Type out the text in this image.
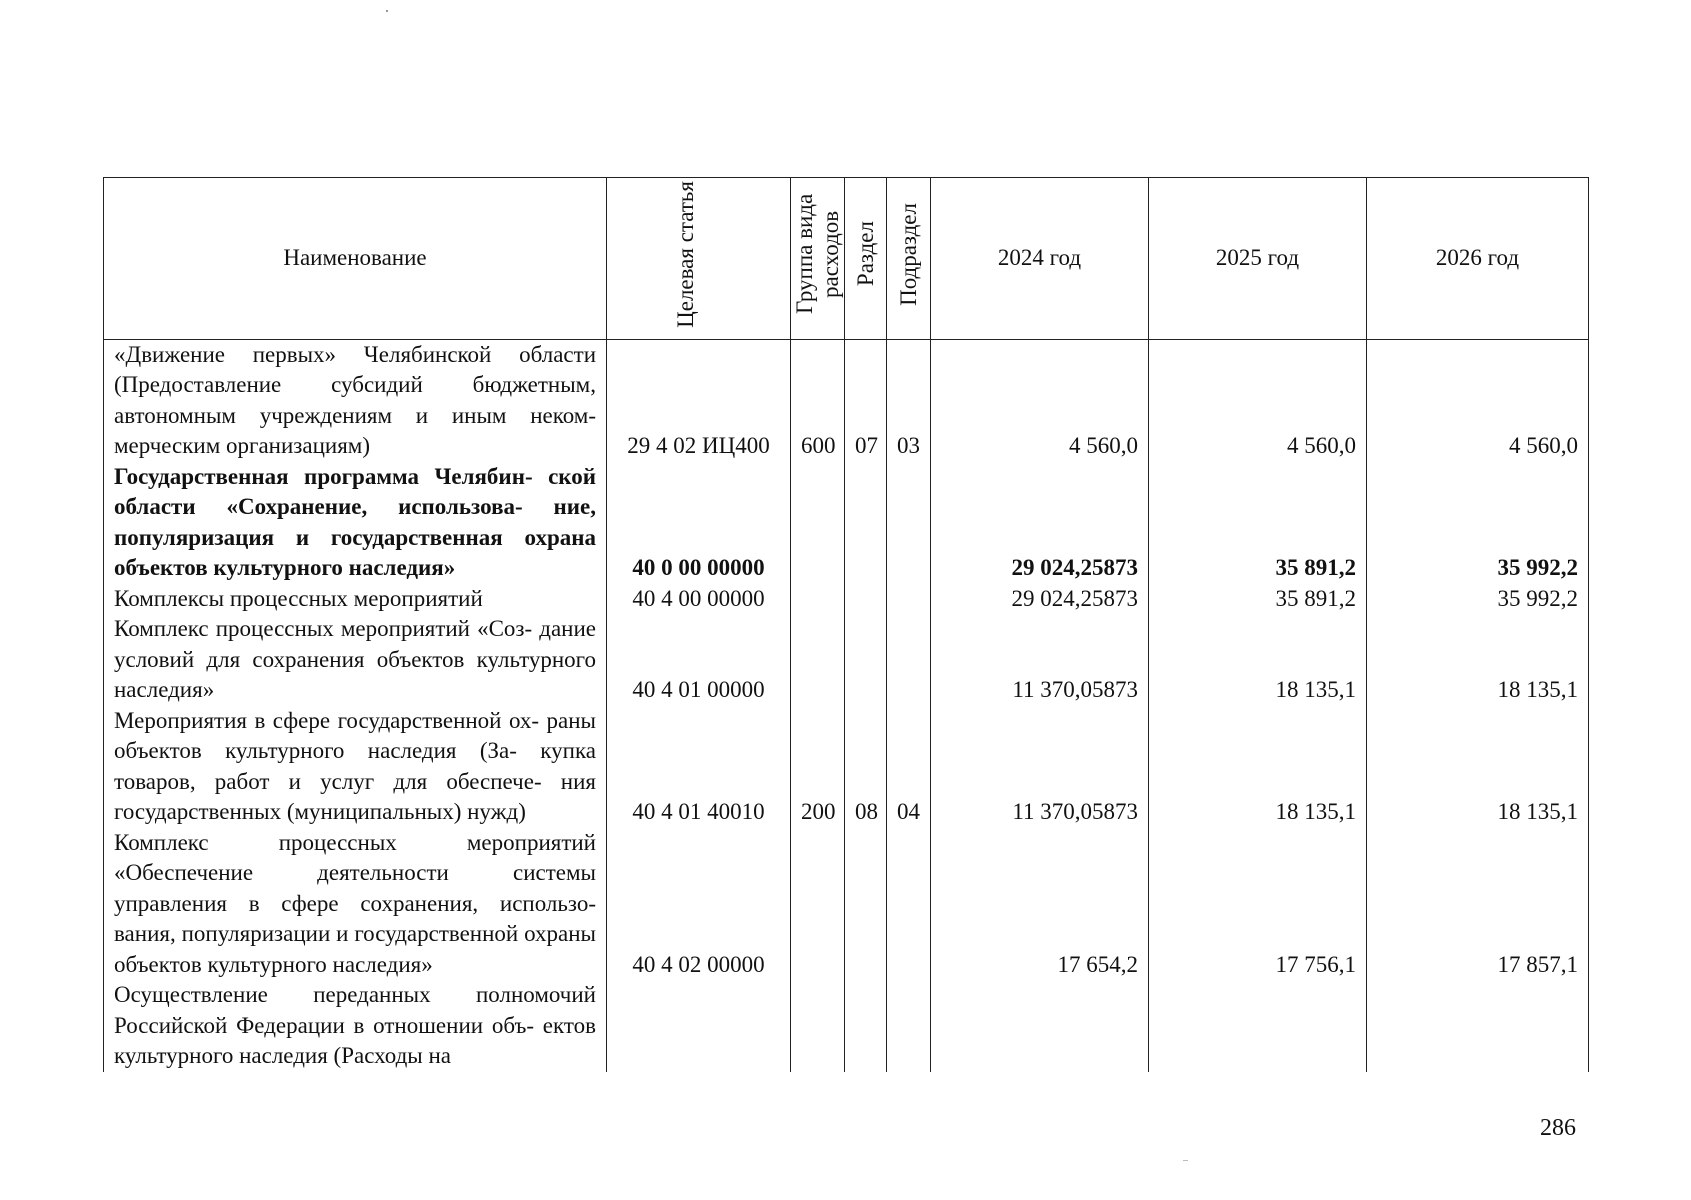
Наименование	Целевая статья	Группа вида расходов	Раздел	Подраздел	2024 год	2025 год	2026 год
«Движение первых» Челябинской области (Предоставление субсидий бюджетным, автономным учреждениям и иным неком- мерческим организациям)	29 4 02 ИЦ400	600	07	03	4 560,0	4 560,0	4 560,0
Государственная программа Челябин- ской области «Сохранение, использова- ние, популяризация и государственная охрана объектов культурного наследия»	40 0 00 00000				29 024,25873	35 891,2	35 992,2
Комплексы процессных мероприятий	40 4 00 00000				29 024,25873	35 891,2	35 992,2
Комплекс процессных мероприятий «Соз- дание условий для сохранения объектов культурного наследия»	40 4 01 00000				11 370,05873	18 135,1	18 135,1
Мероприятия в сфере государственной ох- раны объектов культурного наследия (За- купка товаров, работ и услуг для обеспече- ния государственных (муниципальных) нужд)	40 4 01 40010	200	08	04	11 370,05873	18 135,1	18 135,1
Комплекс процессных мероприятий «Обеспечение деятельности системы управления в сфере сохранения, использо- вания, популяризации и государственной охраны объектов культурного наследия»	40 4 02 00000				17 654,2	17 756,1	17 857,1
Осуществление переданных полномочий Российской Федерации в отношении объ- ектов культурного наследия (Расходы на							
286
